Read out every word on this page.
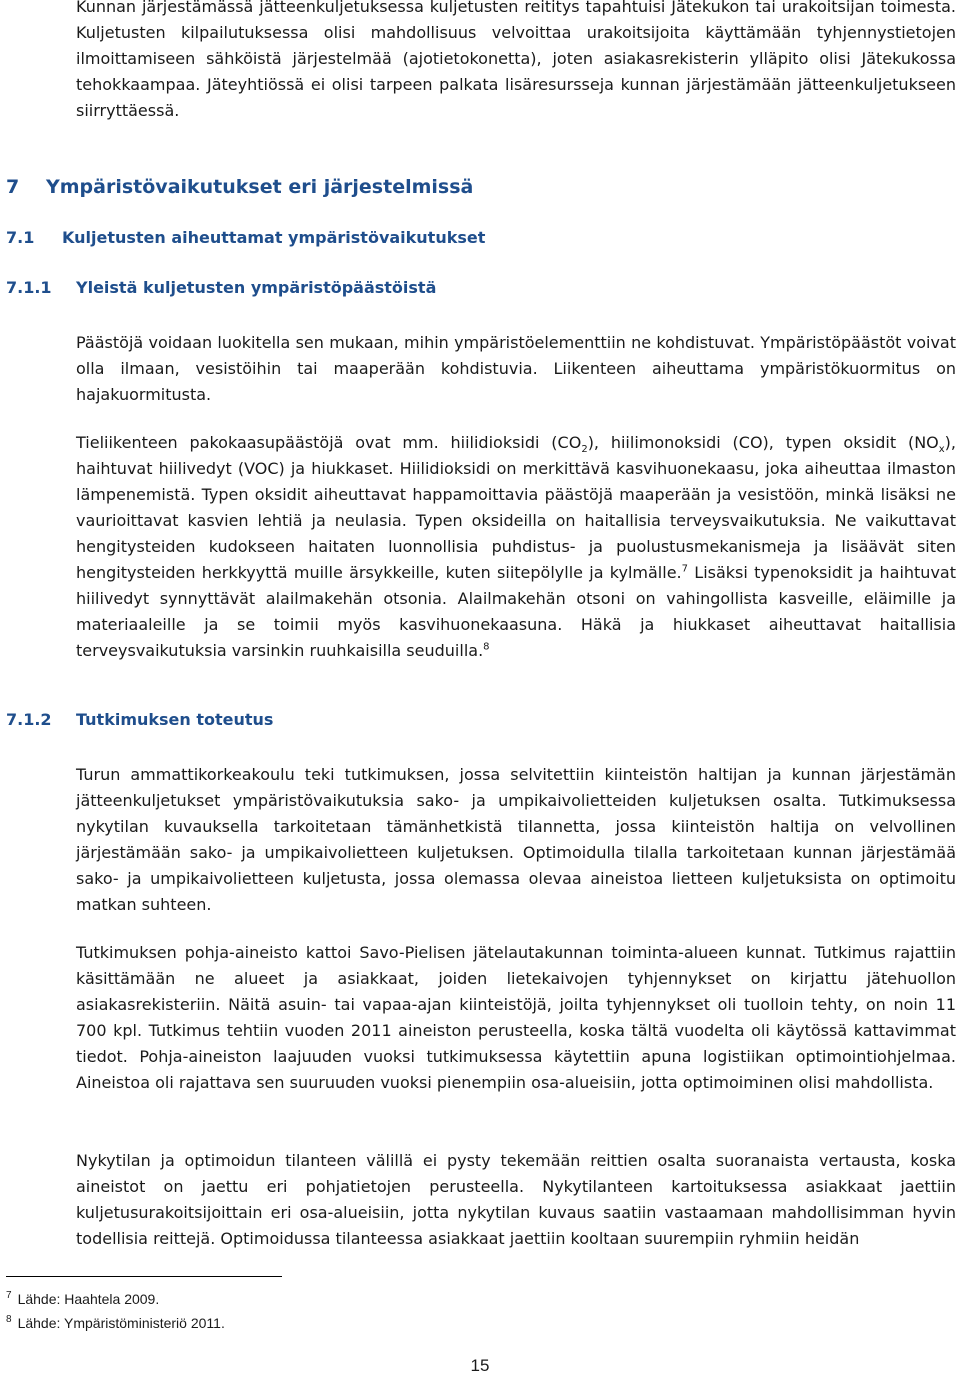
Kunnan järjestämässä jätteenkuljetuksessa kuljetusten reititys tapahtuisi Jätekukon tai urakoitsijan toimesta. Kuljetusten kilpailutuksessa olisi mahdollisuus velvoittaa urakoitsijoita käyttämään tyhjennystietojen ilmoittamiseen sähköistä järjestelmää (ajotietokonetta), joten asiakasrekisterin ylläpito olisi Jätekukossa tehokkaampaa. Jäteyhtiössä ei olisi tarpeen palkata lisäresursseja kunnan järjestämään jätteenkuljetukseen siirryttäessä.

7 Ympäristövaikutukset eri järjestelmissä
7.1 Kuljetusten aiheuttamat ympäristövaikutukset
7.1.1 Yleistä kuljetusten ympäristöpäästöistä

Päästöjä voidaan luokitella sen mukaan, mihin ympäristöelementtiin ne kohdistuvat. Ympäristöpäästöt voivat olla ilmaan, vesistöihin tai maaperään kohdistuvia. Liikenteen aiheuttama ympäristökuormitus on hajakuormitusta.

Tieliikenteen pakokaasupäästöjä ovat mm. hiilidioksidi $(CO_2)$, hiilimonoksidi (CO), typen oksidit $(NO_x)$, haihtuvat hiilivedyt (VOC) ja hiukkaset. Hiilidioksidi on merkittävä kasvihuonekaasu, joka aiheuttaa ilmaston lämpenemistä. Typen oksidit aiheuttavat happamoittavia päästöjä maaperään ja vesistöön, minkä lisäksi ne vaurioittavat kasvien lehtiä ja neulasia. Typen oksideilla on haitallisia terveysvaikutuksia. Ne vaikuttavat hengitysteiden kudokseen haitaten luonnollisia puhdistus- ja puolustusmekanismeja ja lisäävät siten hengitysteiden herkkyyttä muille ärsykkeille, kuten siitepölylle ja kylmälle.$^7$ Lisäksi typenoksidit ja haihtuvat hiilivedyt synnyttävät alailmakehän otsonia. Alailmakehän otsoni on vahingollista kasveille, eläimille ja materiaaleille ja se toimii myös kasvihuonekaasuna. Häkä ja hiukkaset aiheuttavat haitallisia terveysvaikutuksia varsinkin ruuhkaisilla seuduilla.$^8$

7.1.2 Tutkimuksen toteutus

Turun ammattikorkeakoulu teki tutkimuksen, jossa selvitettiin kiinteistön haltijan ja kunnan järjestämän jätteenkuljetukset ympäristövaikutuksia sako- ja umpikaivolietteiden kuljetuksen osalta. Tutkimuksessa nykytilan kuvauksella tarkoitetaan tämänhetkistä tilannetta, jossa kiinteistön haltija on velvollinen järjestämään sako- ja umpikaivolietteen kuljetuksen. Optimoidulla tilalla tarkoitetaan kunnan järjestämää sako- ja umpikaivolietteen kuljetusta, jossa olemassa olevaa aineistoa lietteen kuljetuksista on optimoitu matkan suhteen.

Tutkimuksen pohja-aineisto kattoi Savo-Pielisen jätelautakunnan toiminta-alueen kunnat. Tutkimus rajattiin käsittämään ne alueet ja asiakkaat, joiden lietekaivojen tyhjennykset on kirjattu jätehuollon asiakasrekisteriin. Näitä asuin- tai vapaa-ajan kiinteistöjä, joilta tyhjennykset oli tuolloin tehty, on noin 11 700 kpl. Tutkimus tehtiin vuoden 2011 aineiston perusteella, koska tältä vuodelta oli käytössä kattavimmat tiedot. Pohja-aineiston laajuuden vuoksi tutkimuksessa käytettiin apuna logistiikan optimointiohjelmaa. Aineistoa oli rajattava sen suuruuden vuoksi pienempiin osa-alueisiin, jotta optimoiminen olisi mahdollista.

Nykytilan ja optimoidun tilanteen välillä ei pysty tekemään reittien osalta suoranaista vertausta, koska aineistot on jaettu eri pohjatietojen perusteella. Nykytilanteen kartoituksessa asiakkaat jaettiin kuljetusurakoitsijoittain eri osa-alueisiin, jotta nykytilan kuvaus saatiin vastaamaan mahdollisimman hyvin todellisia reittejä. Optimoidussa tilanteessa asiakkaat jaettiin kooltaan suurempiin ryhmiin heidän

$^7$ Lähde: Haahtela 2009.
$^8$ Lähde: Ympäristöministeriö 2011.
15
